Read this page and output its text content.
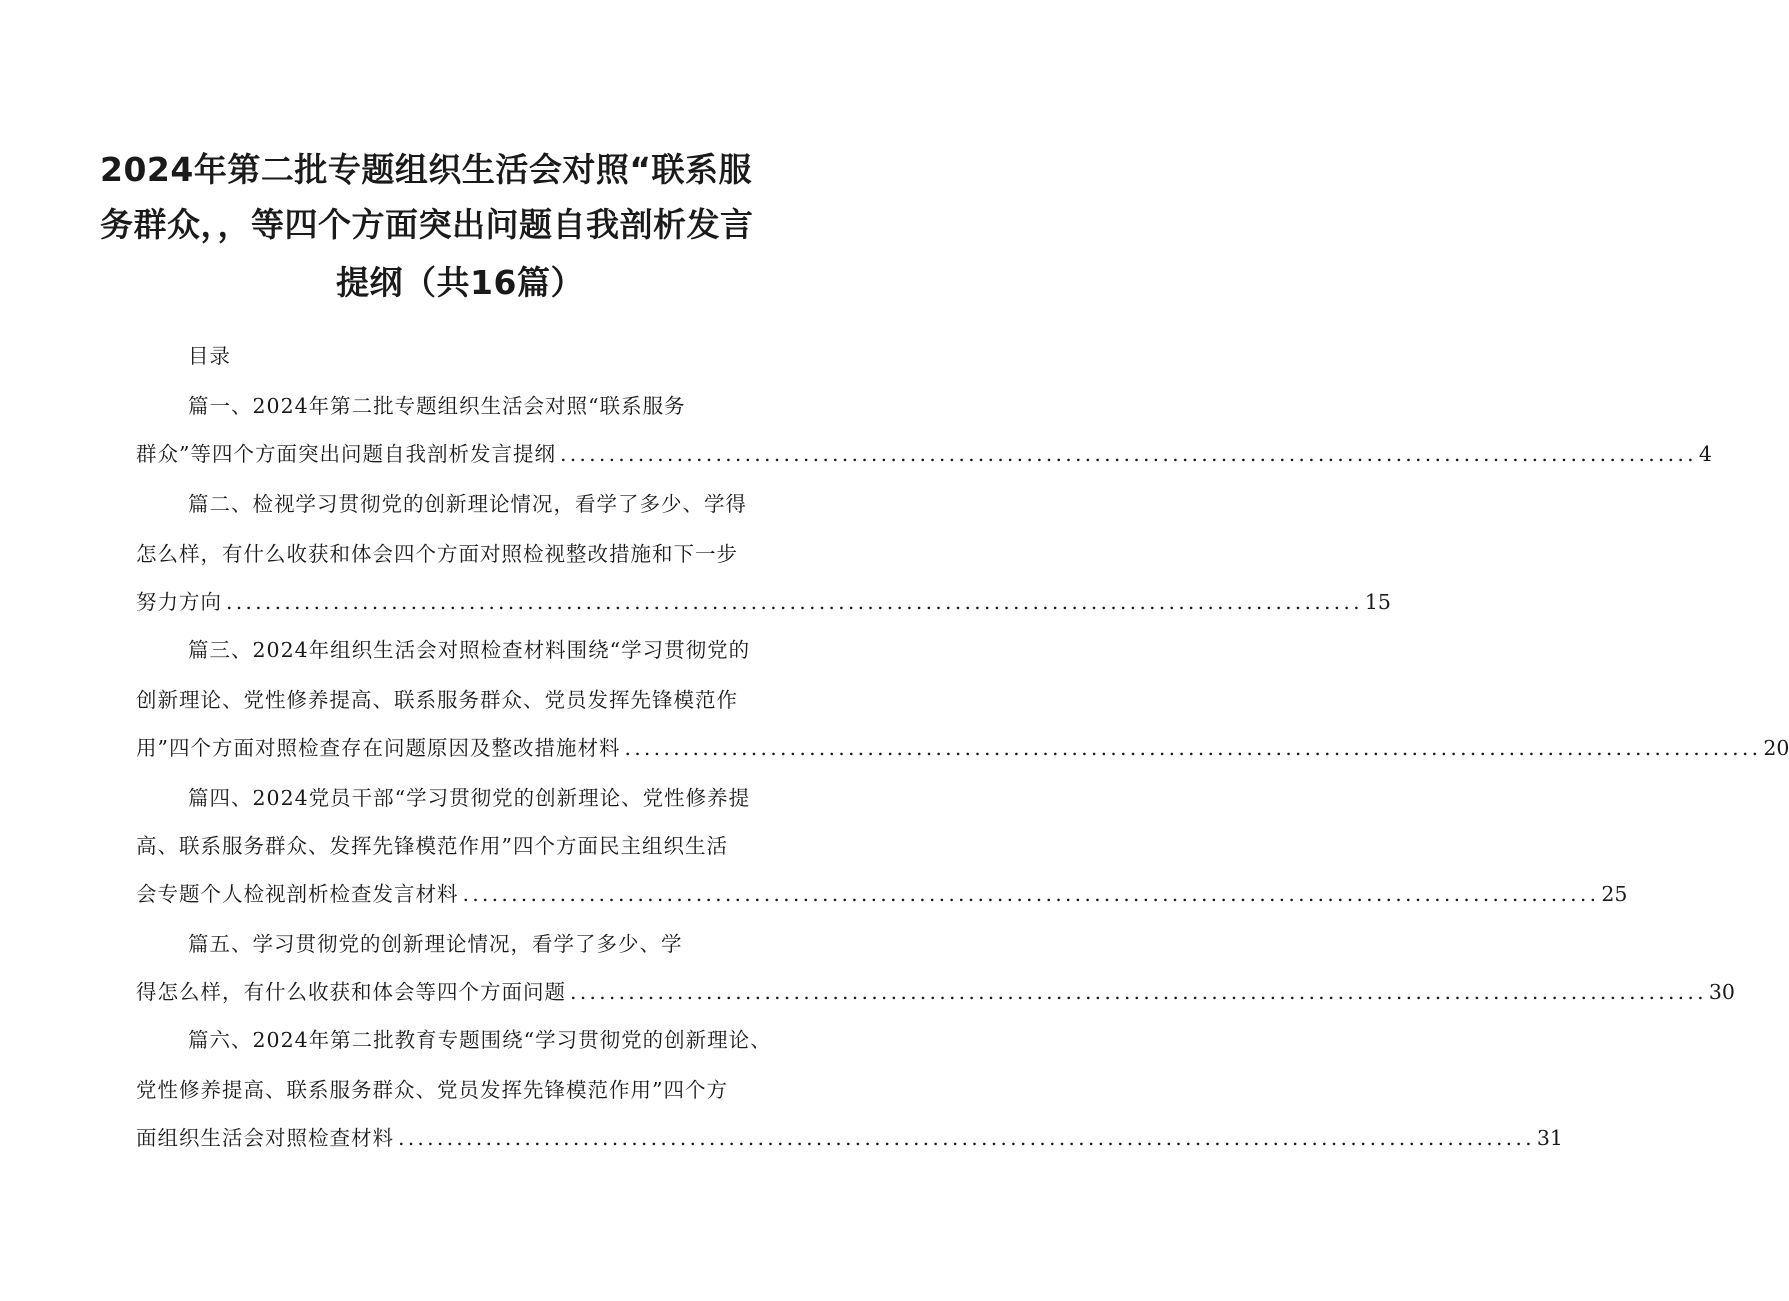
2024年第二批专题组织生活会对照“联系服
务群众，，等四个方面突出问题自我剖析发言
提纲（共16篇）
目录
篇一、2024年第二批专题组织生活会对照“联系服务
群众”等四个方面突出问题自我剖析发言提纲 ..................................................................................................................... 4
篇二、检视学习贯彻党的创新理论情况，看学了多少、学得
怎么样，有什么收获和体会四个方面对照检视整改措施和下一步
努力方向 ..................................................................................................................... 15
篇三、2024年组织生活会对照检查材料围绕“学习贯彻党的
创新理论、党性修养提高、联系服务群众、党员发挥先锋模范作
用”四个方面对照检查存在问题原因及整改措施材料 ..................................................................................................................... 20
篇四、2024党员干部“学习贯彻党的创新理论、党性修养提
高、联系服务群众、发挥先锋模范作用”四个方面民主组织生活
会专题个人检视剖析检查发言材料 ..................................................................................................................... 25
篇五、学习贯彻党的创新理论情况，看学了多少、学
得怎么样，有什么收获和体会等四个方面问题 ..................................................................................................................... 30
篇六、2024年第二批教育专题围绕“学习贯彻党的创新理论、
党性修养提高、联系服务群众、党员发挥先锋模范作用”四个方
面组织生活会对照检查材料 ..................................................................................................................... 31
